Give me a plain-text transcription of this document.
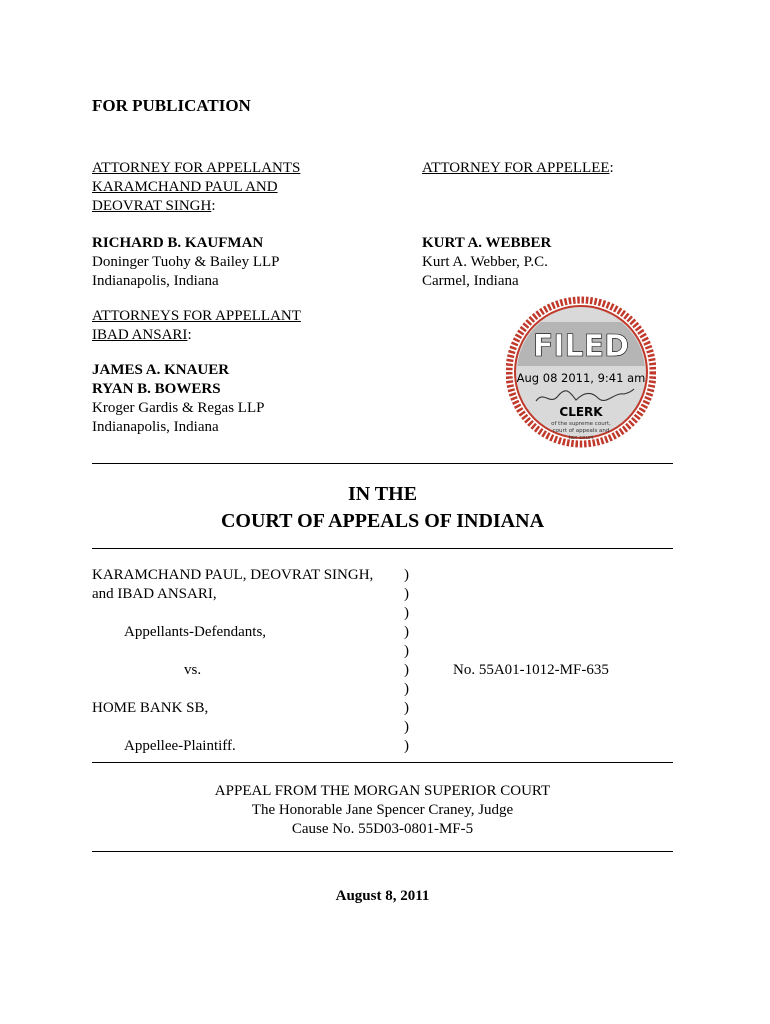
FOR PUBLICATION
ATTORNEY FOR APPELLANTS
KARAMCHAND PAUL AND
DEOVRAT SINGH:
RICHARD B. KAUFMAN
Doninger Tuohy & Bailey LLP
Indianapolis, Indiana
ATTORNEYS FOR APPELLANT
IBAD ANSARI:
JAMES A. KNAUER
RYAN B. BOWERS
Kroger Gardis & Regas LLP
Indianapolis, Indiana
ATTORNEY FOR APPELLEE:
KURT A. WEBBER
Kurt A. Webber, P.C.
Carmel, Indiana
FILED
Aug 08 2011, 9:41 am
CLERK
of the supreme court,
court of appeals and
tax court
IN THE
COURT OF APPEALS OF INDIANA
KARAMCHAND PAUL, DEOVRAT SINGH,
and IBAD ANSARI,
Appellants-Defendants,
vs.
HOME BANK SB,
Appellee-Plaintiff.
)
)
)
)
)
)
)
)
)
)
No. 55A01-1012-MF-635
APPEAL FROM THE MORGAN SUPERIOR COURT
The Honorable Jane Spencer Craney, Judge
Cause No. 55D03-0801-MF-5
August 8, 2011
